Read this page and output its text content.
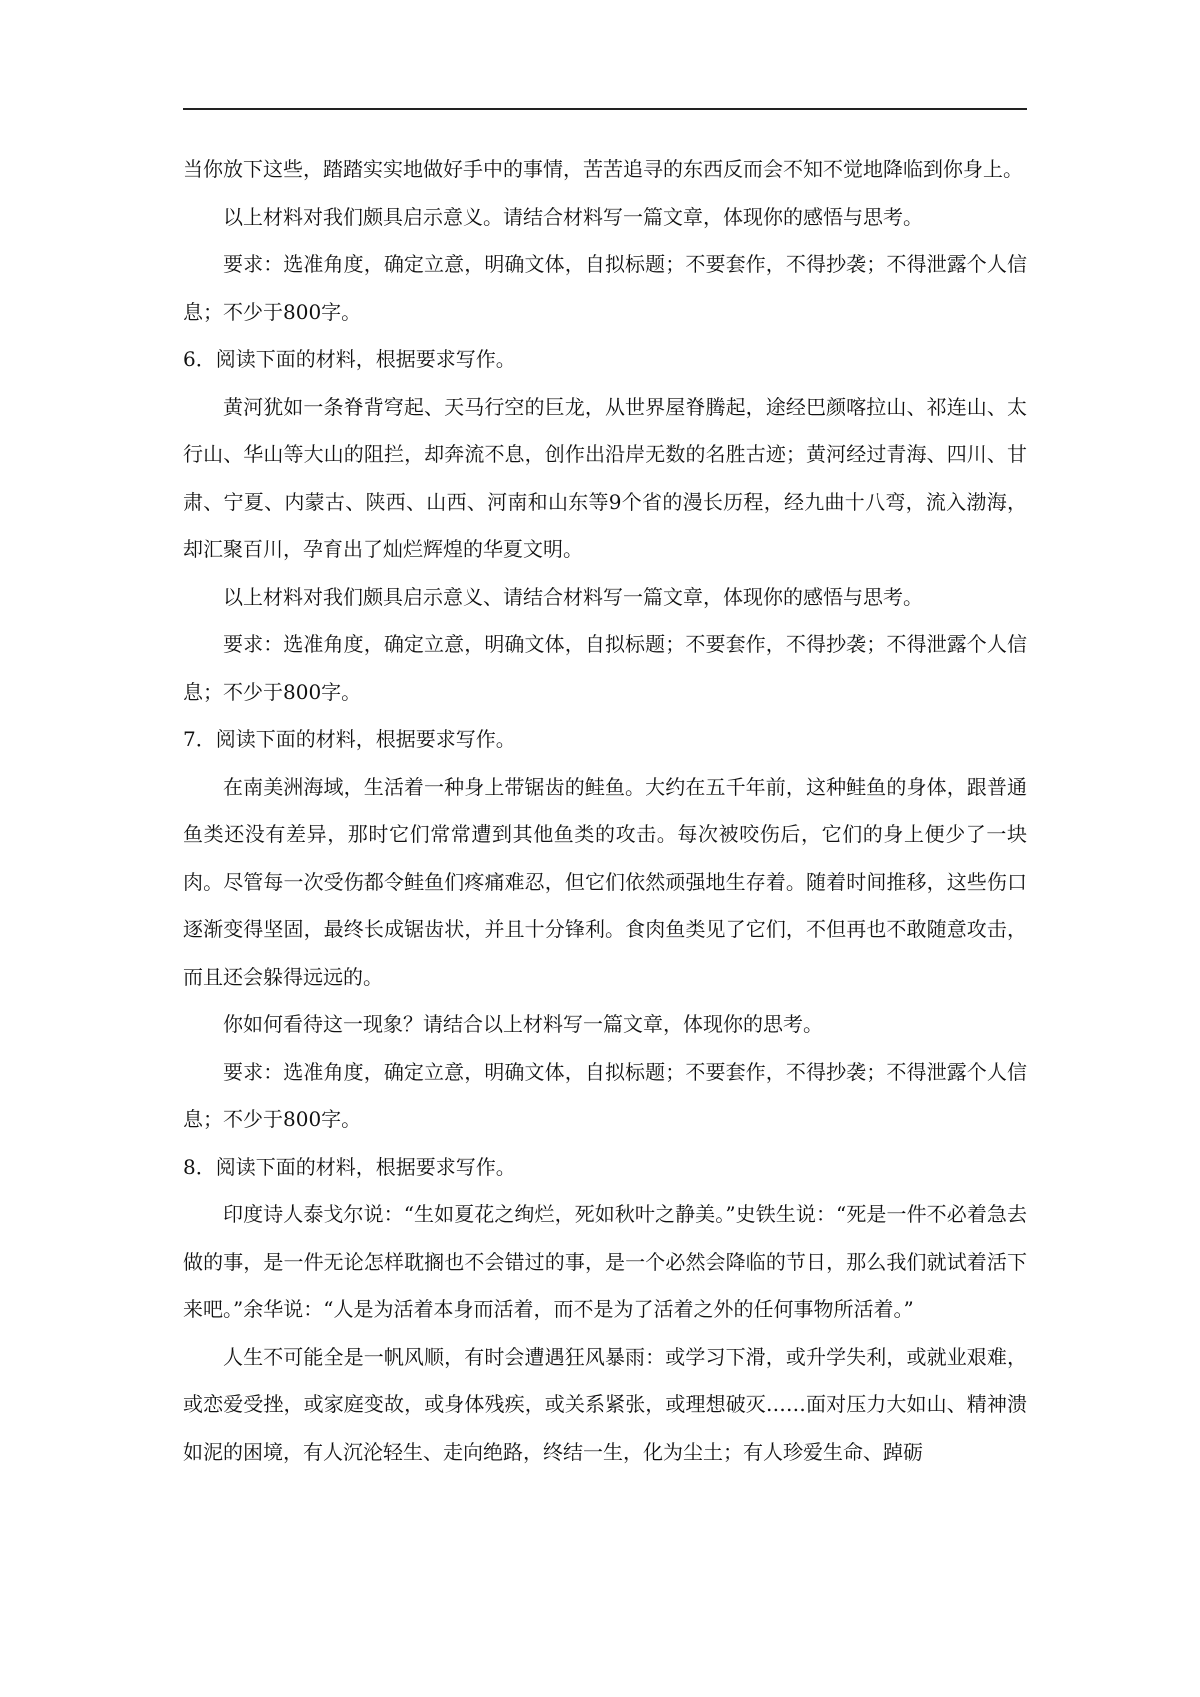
当你放下这些，踏踏实实地做好手中的事情，苦苦追寻的东西反而会不知不觉地降临到你身上。

以上材料对我们颇具启示意义。请结合材料写一篇文章，体现你的感悟与思考。

要求：选准角度，确定立意，明确文体，自拟标题；不要套作，不得抄袭；不得泄露个人信息；不少于800字。

6．阅读下面的材料，根据要求写作。

黄河犹如一条脊背穹起、天马行空的巨龙，从世界屋脊腾起，途经巴颜喀拉山、祁连山、太行山、华山等大山的阻拦，却奔流不息，创作出沿岸无数的名胜古迹；黄河经过青海、四川、甘肃、宁夏、内蒙古、陕西、山西、河南和山东等9个省的漫长历程，经九曲十八弯，流入渤海，却汇聚百川，孕育出了灿烂辉煌的华夏文明。

以上材料对我们颇具启示意义、请结合材料写一篇文章，体现你的感悟与思考。

要求：选准角度，确定立意，明确文体，自拟标题；不要套作，不得抄袭；不得泄露个人信息；不少于800字。

7．阅读下面的材料，根据要求写作。

在南美洲海域，生活着一种身上带锯齿的鲑鱼。大约在五千年前，这种鲑鱼的身体，跟普通鱼类还没有差异，那时它们常常遭到其他鱼类的攻击。每次被咬伤后，它们的身上便少了一块肉。尽管每一次受伤都令鲑鱼们疼痛难忍，但它们依然顽强地生存着。随着时间推移，这些伤口逐渐变得坚固，最终长成锯齿状，并且十分锋利。食肉鱼类见了它们，不但再也不敢随意攻击，而且还会躲得远远的。

你如何看待这一现象？请结合以上材料写一篇文章，体现你的思考。

要求：选准角度，确定立意，明确文体，自拟标题；不要套作，不得抄袭；不得泄露个人信息；不少于800字。

8．阅读下面的材料，根据要求写作。

印度诗人泰戈尔说：“生如夏花之绚烂，死如秋叶之静美。”史铁生说：“死是一件不必着急去做的事，是一件无论怎样耽搁也不会错过的事，是一个必然会降临的节日，那么我们就试着活下来吧。”余华说：“人是为活着本身而活着，而不是为了活着之外的任何事物所活着。”

人生不可能全是一帆风顺，有时会遭遇狂风暴雨：或学习下滑，或升学失利，或就业艰难，或恋爱受挫，或家庭变故，或身体残疾，或关系紧张，或理想破灭……面对压力大如山、精神溃如泥的困境，有人沉沦轻生、走向绝路，终结一生，化为尘土；有人珍爱生命、踔砺
